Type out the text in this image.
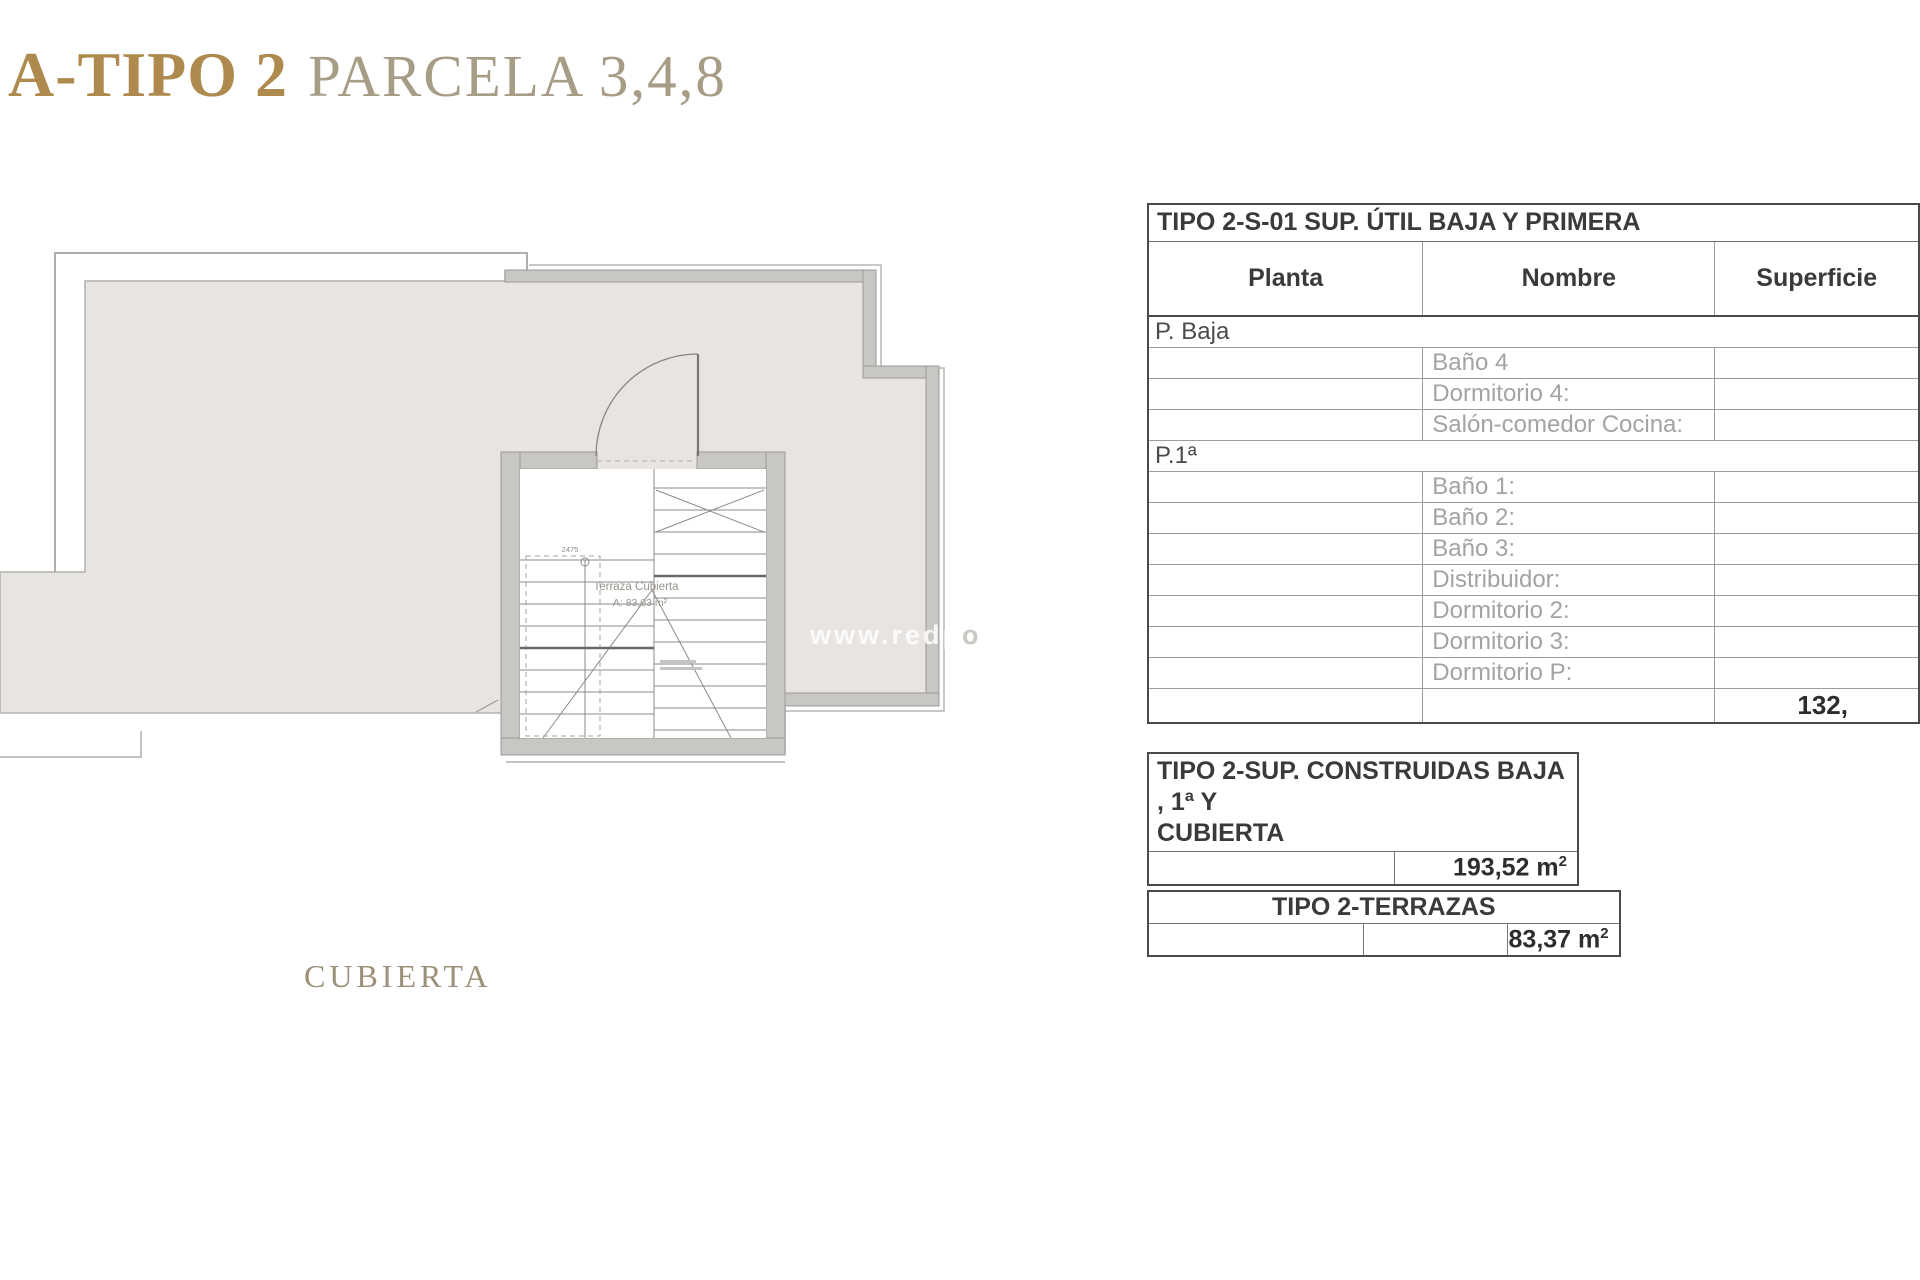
A-TIPO 2 PARCELA 3,4,8
Terraza Cubierta
A: 83,03 m²
2475
www.redpo
CUBIERTA
TIPO 2-S-01 SUP. ÚTIL BAJA Y PRIMERA		
Planta	Nombre	Superficie
P. Baja		
	Baño 4	
	Dormitorio 4:	
	Salón-comedor Cocina:	
P.1ª		
	Baño 1:	
	Baño 2:	
	Baño 3:	
	Distribuidor:	
	Dormitorio 2:	
	Dormitorio 3:	
	Dormitorio P:	
		132,
TIPO 2-SUP. CONSTRUIDAS BAJA , 1ª Y
CUBIERTA

	193,52 $m^2$
TIPO 2-TERRAZAS
		83,37 $m^2$
